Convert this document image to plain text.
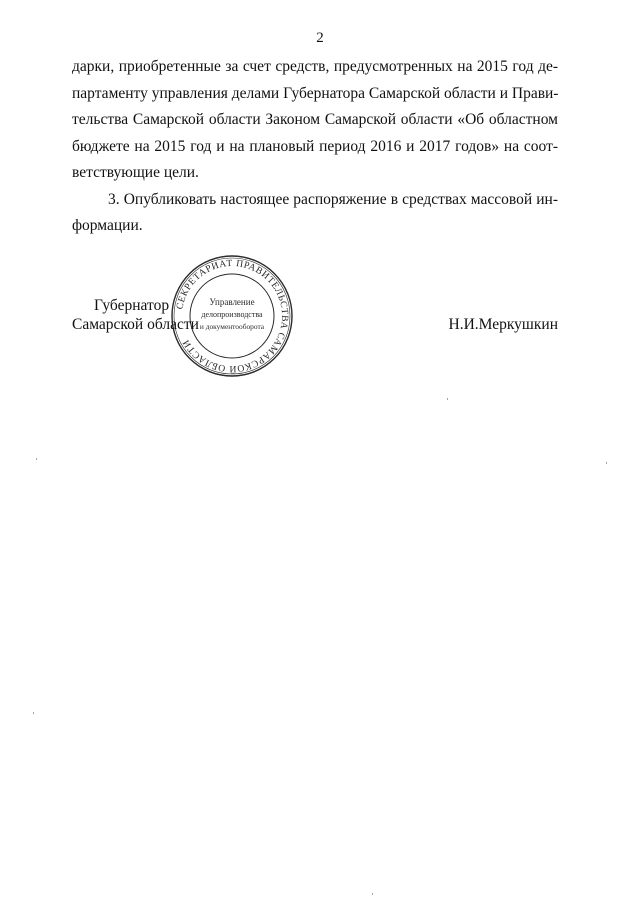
2
дарки, приобретенные за счет средств, предусмотренных на 2015 год де-
партаменту управления делами Губернатора Самарской области и Прави-
тельства Самарской области Законом Самарской области «Об областном
бюджете на 2015 год и на плановый период 2016 и 2017 годов» на соот-
ветствующие цели.
3. Опубликовать настоящее распоряжение в средствах массовой ин-
формации.
СЕКРЕТАРИАТ ПРАВИТЕЛЬСТВА САМАРСКОЙ ОБЛАСТИ
Управление
делопроизводства
и документооборота
Губернатор
Самарской области	Н.И.Меркушкин
